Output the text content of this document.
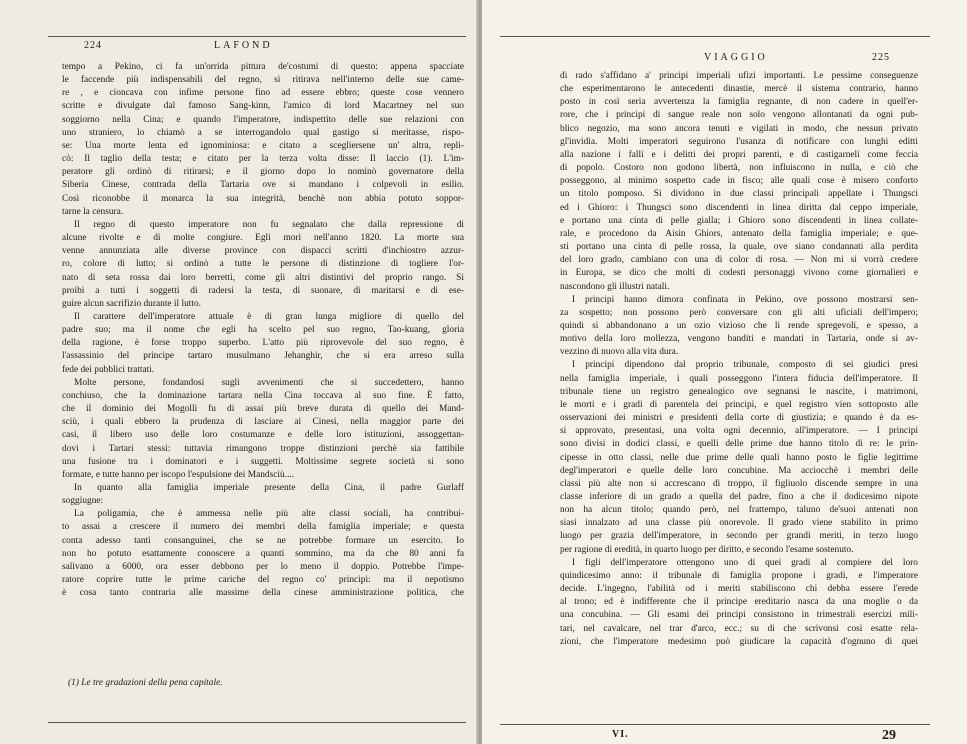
224	LAFOND
tempo a Pekino, ci fa un'orrida pittura de'costumi di questo: appena spacciate
le faccende più indispensabili del regno, si ritirava nell'interno delle sue came-
re , e cioncava con infime persone fino ad essere ebbro; queste cose vennero
scritte e divulgate dal famoso Sang-kinn, l'amico di lord Macartney nel suo
soggiorno nella Cina; e quando l'imperatore, indispettito delle sue relazioni con
uno straniero, lo chiamò a se interrogandolo qual gastigo si meritasse, rispo-
se: Una morte lenta ed ignominiosa: e citato a scegliersene un' altra, repli-
cò: Il taglio della testa; e citato per la terza volta disse: Il laccio (1). L'im-
peratore gli ordinò di ritirarsi; e il giorno dopo lo nominò governatore della
Siberia Cinese, contrada della Tartaria ove si mandano i colpevoli in esilio.
Così riconobbe il monarca la sua integrità, benchè non abbia potuto soppor-
tarne la censura.
Il regno di questo imperatore non fu segnalato che dalla repressione di
alcune rivolte e di molte congiure. Egli morì nell'anno 1820. La morte sua
venne annunziata alle diverse province con dispacci scritti d'inchiostro azzur-
ro, colore di lutto; si ordinò a tutte le persone di distinzione di togliere l'or-
nato di seta rossa dai loro berretti, come gli altri distintivi del proprio rango. Si
proibì a tutti i soggetti di radersi la testa, di suonare, di maritarsi e di ese-
guire alcun sacrifizio durante il lutto.
Il carattere dell'imperatore attuale è di gran lunga migliore di quello del
padre suo; ma il nome che egli ha scelto pel suo regno, Tao-kuang, gloria
della ragione, è forse troppo superbo. L'atto più riprovevole del suo regno, è
l'assassinio del principe tartaro musulmano Jehanghir, che si era arreso sulla
fede dei pubblici trattati.
Molte persone, fondandosi sugli avvenimenti che si succedettero, hanno
conchiuso, che la dominazione tartara nella Cina toccava al suo fine. È fatto,
che il dominio dei Mogolli fu di assai più breve durata di quello dei Mand-
sciù, i quali ebbero la prudenza di lasciare ai Cinesi, nella maggior parte dei
casi, il libero uso delle loro costumanze e delle loro istituzioni, assoggettan-
dovi i Tartari stessi: tuttavia rimangono troppe distinzioni perchè sia fattibile
una fusione tra i dominatori e i suggetti. Moltissime segrete società si sono
formate, e tutte hanno per iscopo l'espulsione dei Mandsciù....
In quanto alla famiglia imperiale presente della Cina, il padre Gurlaff
soggiugne:
La poligamia, che è ammessa nelle più alte classi sociali, ha contribui-
to assai a crescere il numero dei membri della famiglia imperiale; e questa
conta adesso tanti consanguinei, che se ne potrebbe formare un esercito. Io
non ho potuto esattamente conoscere a quanti sommino, ma da che 80 anni fa
salivano a 6000, ora esser debbono per lo meno il doppio. Potrebbe l'impe-
ratore coprire tutte le prime cariche del regno co' principi: ma il nepotismo
è cosa tanto contraria alle massime della cinese amministrazione politica, che
(1) Le tre gradazioni della pena capitale.
VIAGGIO	225
di rado s'affidano a' principi imperiali ufizi importanti. Le pessime conseguenze
che esperimentarono le antecedenti dinastie, mercè il sistema contrario, hanno
posto in così seria avvertenza la famiglia regnante, di non cadere in quell'er-
rore, che i principi di sangue reale non solo vengono allontanati da ogni pub-
blico negozio, ma sono ancora tenuti e vigilati in modo, che nessun privato
gl'invidia. Molti imperatori seguirono l'usanza di notificare con lunghi editti
alla nazione i falli e i delitti dei propri parenti, e di castigarneli come feccia
di popolo. Costoro non godono libertà, non influiscono in nulla, e ciò che
posseggono, al minimo sospetto cade in fisco; alle quali cose è misero conforto
un titolo pomposo. Si dividono in due classi principali appellate i Thungsci
ed i Ghioro: i Thungsci sono discendenti in linea diritta dal ceppo imperiale,
e portano una cinta di pelle gialla; i Ghioro sono discendenti in linea collate-
rale, e procedono da Aisin Ghiors, antenato della famiglia imperiale; e que-
sti portano una cinta di pelle rossa, la quale, ove siano condannati alla perdita
del loro grado, cambiano con una di color di rosa. — Non mi si vorrà credere
in Europa, se dico che molti di codesti personaggi vivono come giornalieri e
nascondono gli illustri natali.
I principi hanno dimora confinata in Pekino, ove possono mostrarsi sen-
za sospetto; non possono però conversare con gli alti uficiali dell'impero;
quindi si abbandonano a un ozio vizioso che li rende spregevoli, e spesso, a
motivo della loro mollezza, vengono banditi e mandati in Tartaria, onde si av-
vezzino di nuovo alla vita dura.
I principi dipendono dal proprio tribunale, composto di sei giudici presi
nella famiglia imperiale, i quali posseggono l'intera fiducia dell'imperatore. Il
tribunale tiene un registro genealogico ove segnansi le nascite, i matrimoni,
le morti e i gradi di parentela dei principi, e quel registro vien sottoposto alle
osservazioni dei ministri e presidenti della corte di giustizia; e quando è da es-
si approvato, presentasi, una volta ogni decennio, all'imperatore. — I principi
sono divisi in dodici classi, e quelli delle prime due hanno titolo di re: le prin-
cipesse in otto classi, nelle due prime delle quali hanno posto le figlie legittime
degl'imperatori e quelle delle loro concubine. Ma acciocchè i membri delle
classi più alte non si accrescano di troppo, il figliuolo discende sempre in una
classe inferiore di un grado a quella del padre, fino a che il dodicesimo nipote
non ha alcun titolo; quando però, nel frattempo, taluno de'suoi antenati non
siasi innalzato ad una classe più onorevole. Il grado viene stabilito in primo
luogo per grazia dell'imperatore, in secondo per grandi meriti, in terzo luogo
per ragione di eredità, in quarto luogo per diritto, e secondo l'esame sostenuto.
I figli dell'imperatore ottengono uno di quei gradi al compiere del loro
quindicesimo anno: il tribunale di famiglia propone i gradi, e l'imperatore
decide. L'ingegno, l'abilità od i meriti stabiliscono chi debba essere l'erede
al trono; ed è indifferente che il principe ereditario nasca da una moglie o da
una concubina. — Gli esami dei principi consistono in trimestrali esercizi mili-
tari, nel cavalcare, nel trar d'arco, ecc.; su di che scrivonsi così esatte rela-
zioni, che l'imperatore medesimo può giudicare la capacità d'ognuno di quei
VI.	29
